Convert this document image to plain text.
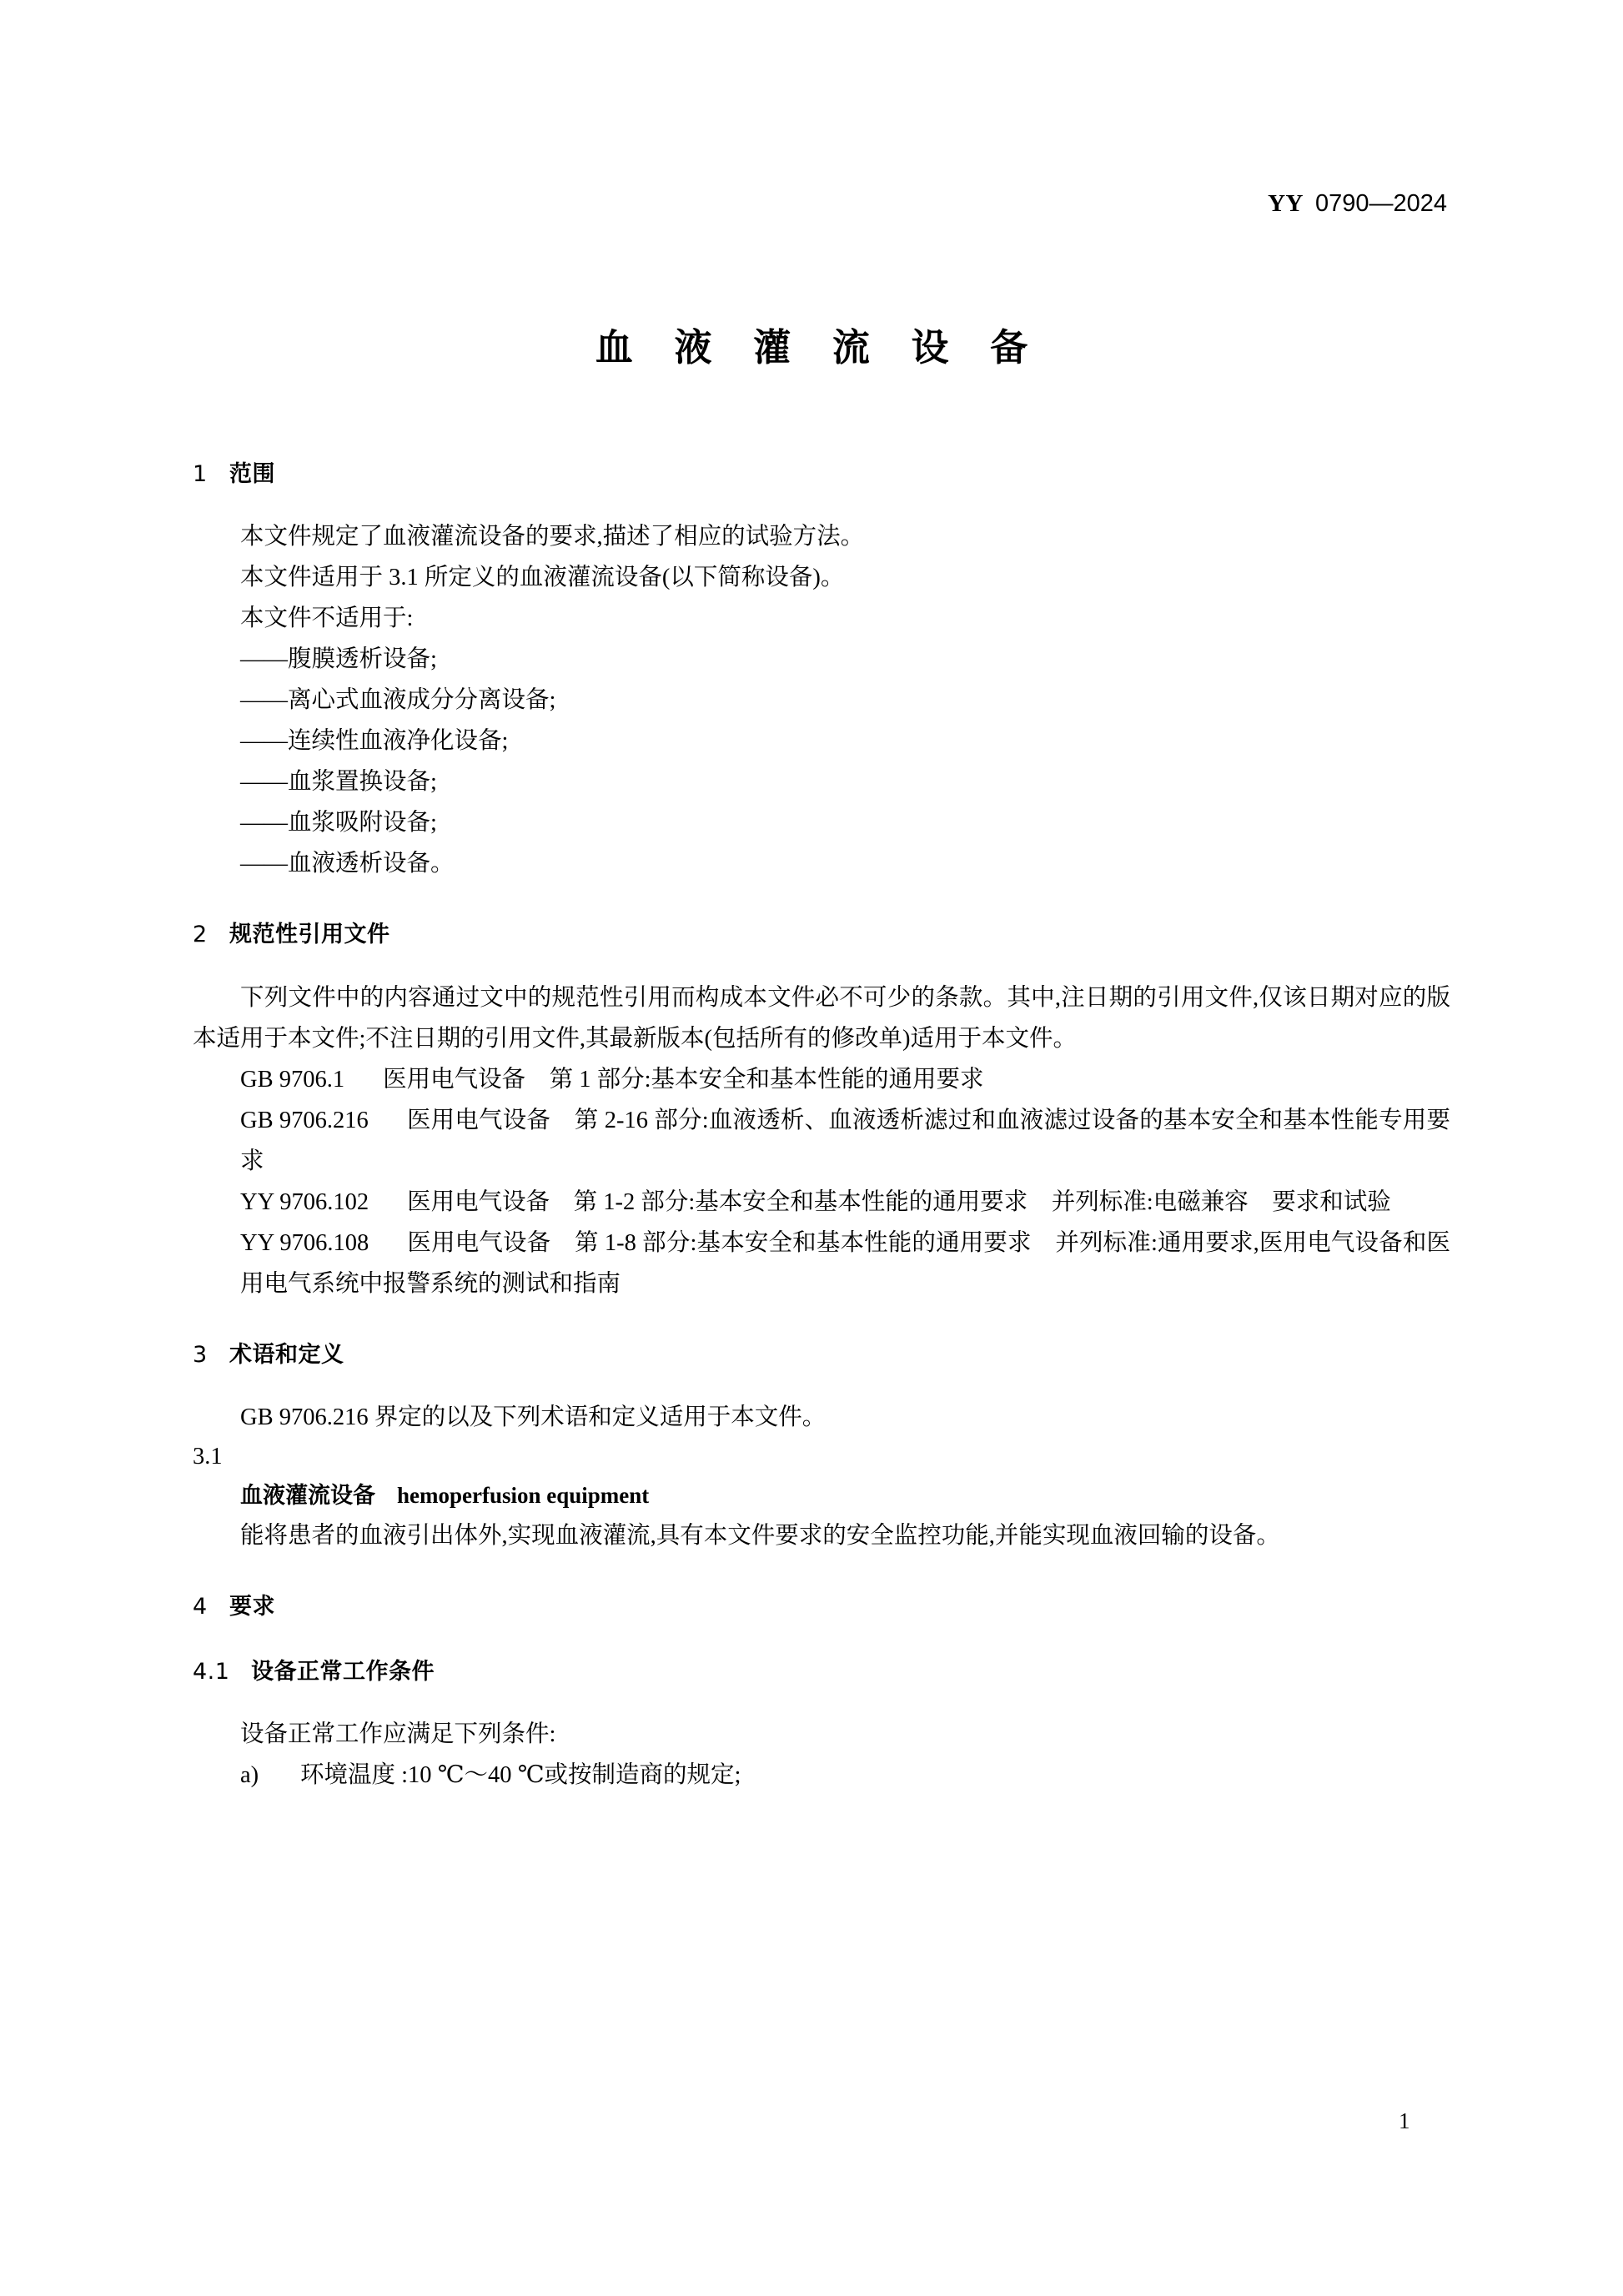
YY 0790—2024
血 液 灌 流 设 备
1 范围

本文件规定了血液灌流设备的要求,描述了相应的试验方法。

本文件适用于 3.1 所定义的血液灌流设备(以下简称设备)。

本文件不适用于:

——腹膜透析设备;

——离心式血液成分分离设备;

——连续性血液净化设备;

——血浆置换设备;

——血浆吸附设备;

——血液透析设备。

2 规范性引用文件

下列文件中的内容通过文中的规范性引用而构成本文件必不可少的条款。其中,注日期的引用文件,仅该日期对应的版本适用于本文件;不注日期的引用文件,其最新版本(包括所有的修改单)适用于本文件。

GB 9706.1 医用电气设备　第 1 部分:基本安全和基本性能的通用要求

GB 9706.216 医用电气设备　第 2-16 部分:血液透析、血液透析滤过和血液滤过设备的基本安全和基本性能专用要求

YY 9706.102 医用电气设备　第 1-2 部分:基本安全和基本性能的通用要求　并列标准:电磁兼容　要求和试验

YY 9706.108 医用电气设备　第 1-8 部分:基本安全和基本性能的通用要求　并列标准:通用要求,医用电气设备和医用电气系统中报警系统的测试和指南

3 术语和定义

GB 9706.216 界定的以及下列术语和定义适用于本文件。

3.1

血液灌流设备 hemoperfusion equipment

能将患者的血液引出体外,实现血液灌流,具有本文件要求的安全监控功能,并能实现血液回输的设备。

4 要求
4.1 设备正常工作条件

设备正常工作应满足下列条件:

a) 环境温度 :10 ℃～40 ℃或按制造商的规定;

1
